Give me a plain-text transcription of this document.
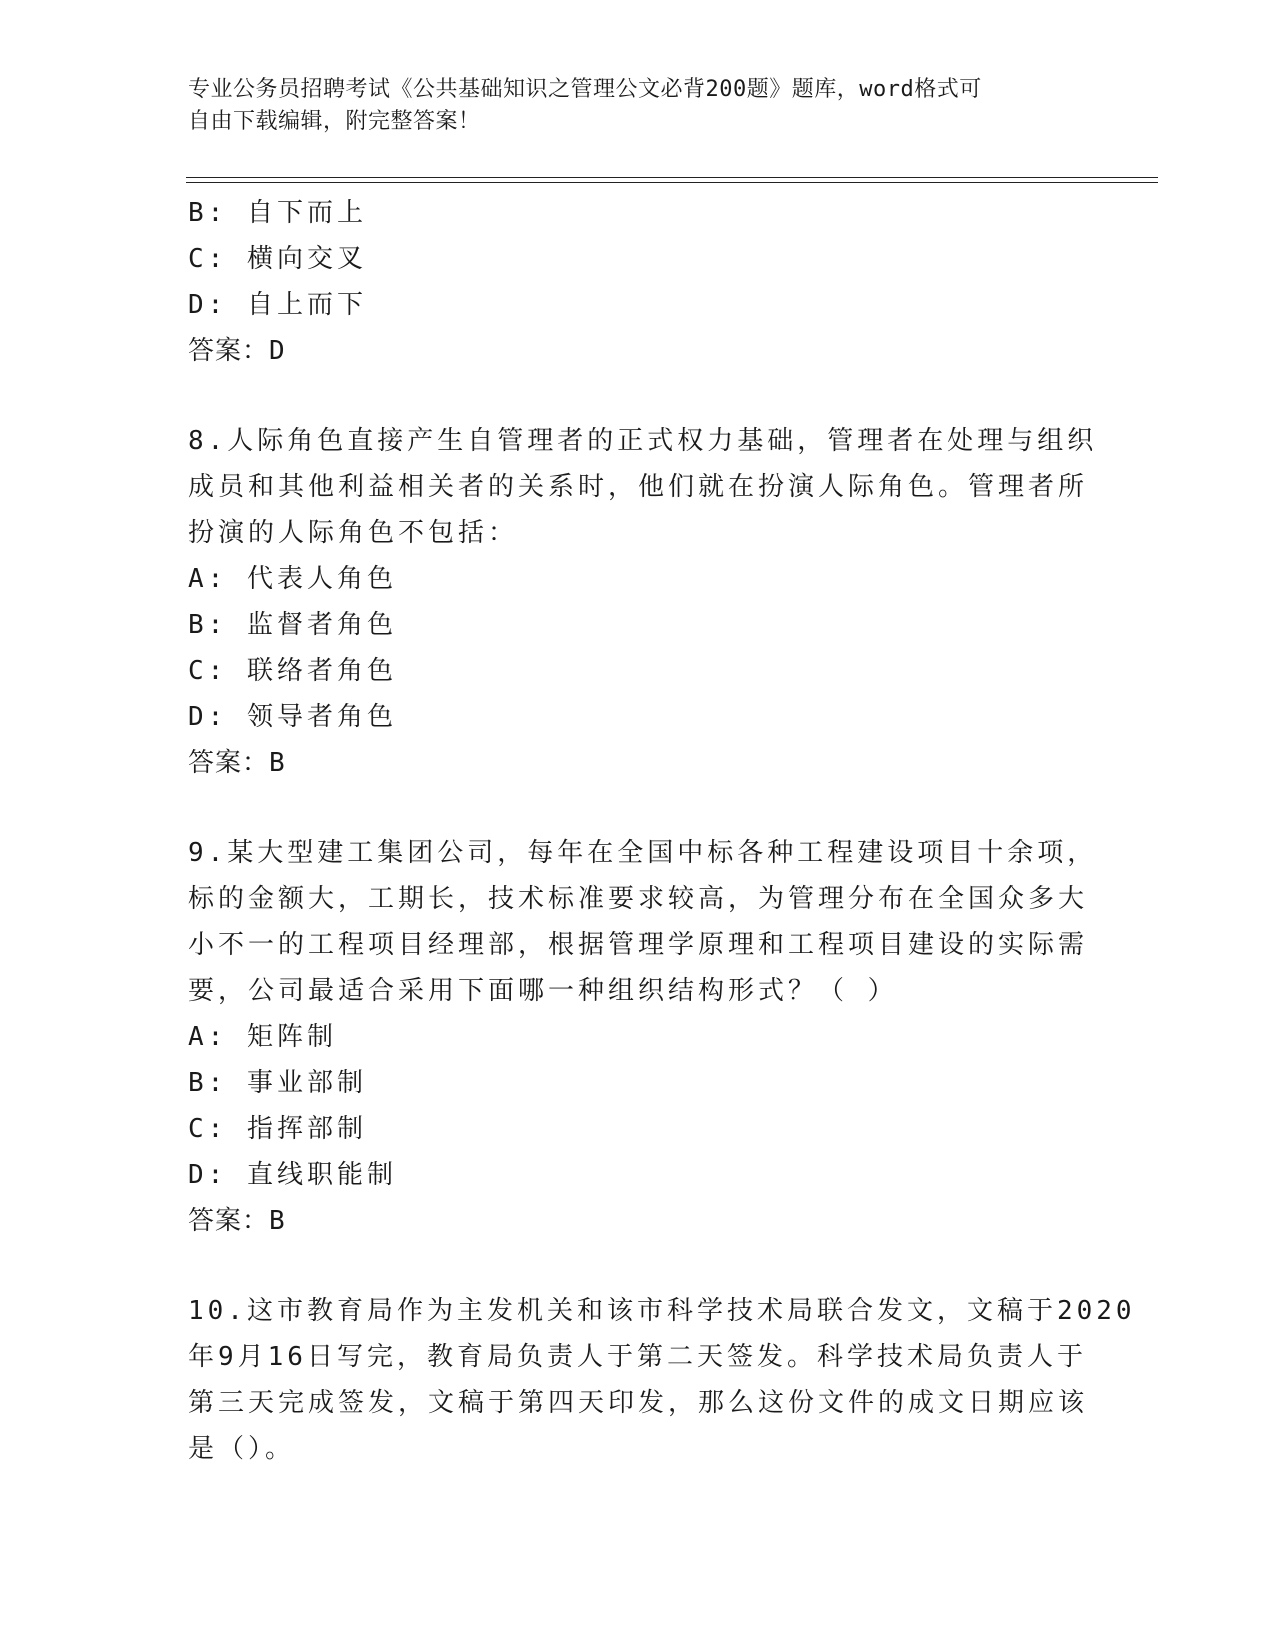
专业公务员招聘考试《公共基础知识之管理公文必背200题》题库，word格式可
自由下载编辑，附完整答案！
B: 自下而上
C: 横向交叉
D: 自上而下
答案：D
8.人际角色直接产生自管理者的正式权力基础，管理者在处理与组织
成员和其他利益相关者的关系时，他们就在扮演人际角色。管理者所
扮演的人际角色不包括：
A: 代表人角色
B: 监督者角色
C: 联络者角色
D: 领导者角色
答案：B
9.某大型建工集团公司，每年在全国中标各种工程建设项目十余项，
标的金额大，工期长，技术标准要求较高，为管理分布在全国众多大
小不一的工程项目经理部，根据管理学原理和工程项目建设的实际需
要，公司最适合采用下面哪一种组织结构形式？（ ）
A: 矩阵制
B: 事业部制
C: 指挥部制
D: 直线职能制
答案：B
10.这市教育局作为主发机关和该市科学技术局联合发文，文稿于2020
年9月16日写完，教育局负责人于第二天签发。科学技术局负责人于
第三天完成签发，文稿于第四天印发，那么这份文件的成文日期应该
是（）。
